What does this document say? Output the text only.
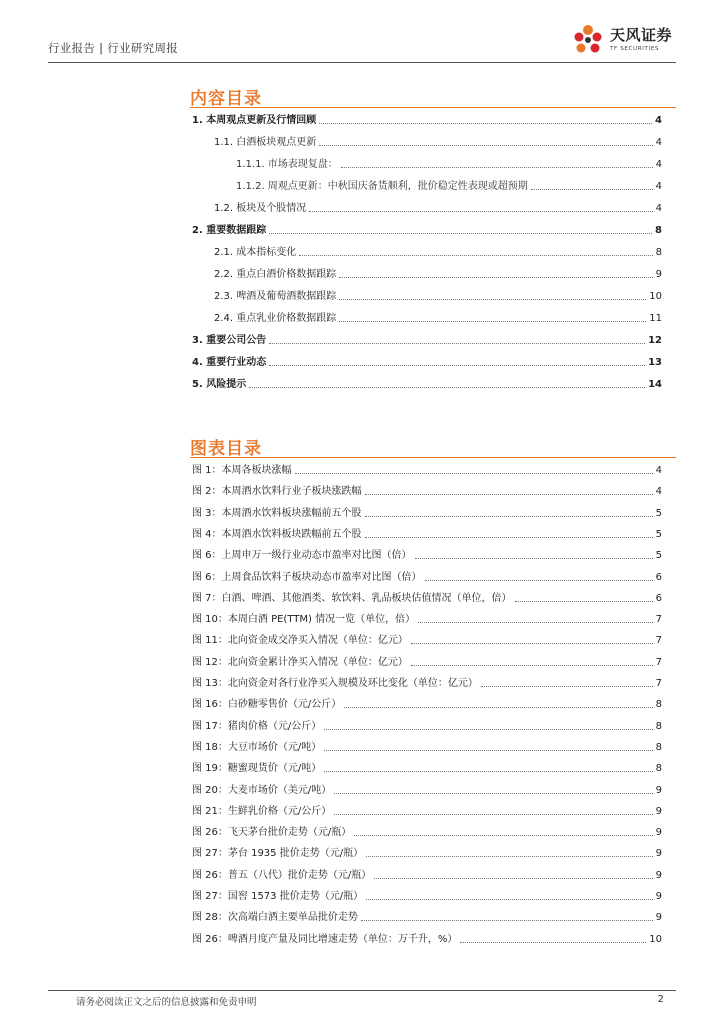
行业报告 | 行业研究周报
天风证券
TF SECURITIES
内容目录
1. 本周观点更新及行情回顾	4
1.1. 白酒板块观点更新	4
1.1.1. 市场表现复盘：	4
1.1.2. 周观点更新：中秋国庆备货顺利，批价稳定性表现或超预期	4
1.2. 板块及个股情况	4
2. 重要数据跟踪	8
2.1. 成本指标变化	8
2.2. 重点白酒价格数据跟踪	9
2.3. 啤酒及葡萄酒数据跟踪	10
2.4. 重点乳业价格数据跟踪	11
3. 重要公司公告	12
4. 重要行业动态	13
5. 风险提示	14
图表目录
图 1：本周各板块涨幅	4
图 2：本周酒水饮料行业子板块涨跌幅	4
图 3：本周酒水饮料板块涨幅前五个股	5
图 4：本周酒水饮料板块跌幅前五个股	5
图 6：上周申万一级行业动态市盈率对比图（倍）	5
图 6：上周食品饮料子板块动态市盈率对比图（倍）	6
图 7：白酒、啤酒、其他酒类、软饮料、乳品板块估值情况（单位，倍）	6
图 10：本周白酒 PE(TTM) 情况一览（单位，倍）	7
图 11：北向资金成交净买入情况（单位：亿元）	7
图 12：北向资金累计净买入情况（单位：亿元）	7
图 13：北向资金对各行业净买入规模及环比变化（单位：亿元）	7
图 16：白砂糖零售价（元/公斤）	8
图 17：猪肉价格（元/公斤）	8
图 18：大豆市场价（元/吨）	8
图 19：糖蜜现货价（元/吨）	8
图 20：大麦市场价（美元/吨）	9
图 21：生鲜乳价格（元/公斤）	9
图 26：飞天茅台批价走势（元/瓶）	9
图 27：茅台 1935 批价走势（元/瓶）	9
图 26：普五（八代）批价走势（元/瓶）	9
图 27：国窖 1573 批价走势（元/瓶）	9
图 28：次高端白酒主要单品批价走势	9
图 26：啤酒月度产量及同比增速走势（单位：万千升，%）	10
请务必阅读正文之后的信息披露和免责申明	2
